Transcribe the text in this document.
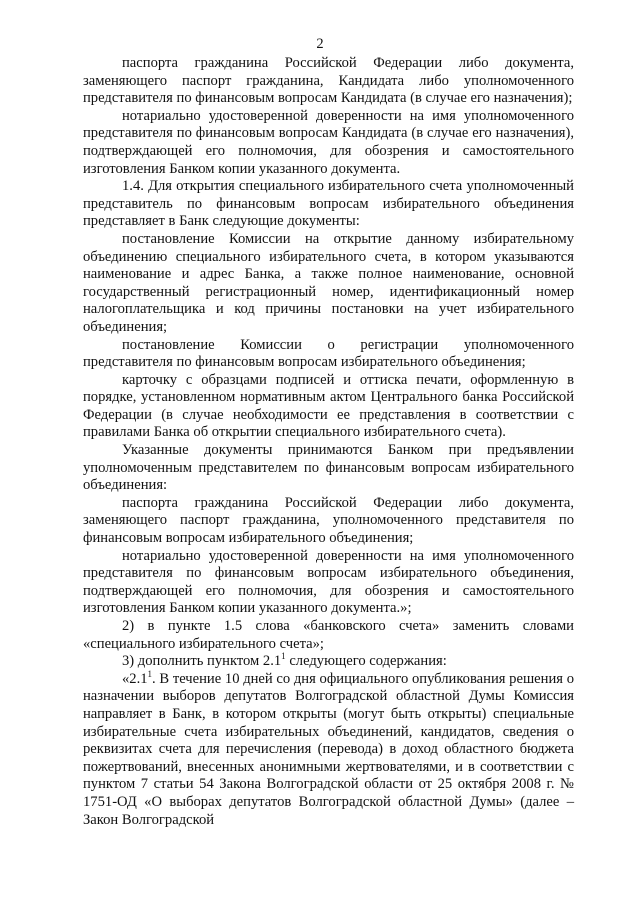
2

паспорта гражданина Российской Федерации либо документа, заменяющего паспорт гражданина, Кандидата либо уполномоченного представителя по финансовым вопросам Кандидата (в случае его назначения);

нотариально удостоверенной доверенности на имя уполномоченного представителя по финансовым вопросам Кандидата (в случае его назначения), подтверждающей его полномочия, для обозрения и самостоятельного изготовления Банком копии указанного документа.

1.4. Для открытия специального избирательного счета уполномоченный представитель по финансовым вопросам избирательного объединения представляет в Банк следующие документы:

постановление Комиссии на открытие данному избирательному объединению специального избирательного счета, в котором указываются наименование и адрес Банка, а также полное наименование, основной государственный регистрационный номер, идентификационный номер налогоплательщика и код причины постановки на учет избирательного объединения;

постановление Комиссии о регистрации уполномоченного представителя по финансовым вопросам избирательного объединения;

карточку с образцами подписей и оттиска печати, оформленную в порядке, установленном нормативным актом Центрального банка Российской Федерации (в случае необходимости ее представления в соответствии с правилами Банка об открытии специального избирательного счета).

Указанные документы принимаются Банком при предъявлении уполномоченным представителем по финансовым вопросам избирательного объединения:

паспорта гражданина Российской Федерации либо документа, заменяющего паспорт гражданина, уполномоченного представителя по финансовым вопросам избирательного объединения;

нотариально удостоверенной доверенности на имя уполномоченного представителя по финансовым вопросам избирательного объединения, подтверждающей его полномочия, для обозрения и самостоятельного изготовления Банком копии указанного документа.»;

2) в пункте 1.5 слова «банковского счета» заменить словами «специального избирательного счета»;

3) дополнить пунктом $2.1^1$ следующего содержания:

«$2.1^1$. В течение 10 дней со дня официального опубликования решения о назначении выборов депутатов Волгоградской областной Думы Комиссия направляет в Банк, в котором открыты (могут быть открыты) специальные избирательные счета избирательных объединений, кандидатов, сведения о реквизитах счета для перечисления (перевода) в доход областного бюджета пожертвований, внесенных анонимными жертвователями, и в соответствии с пунктом 7 статьи 54 Закона Волгоградской области от 25 октября 2008 г. № 1751-ОД «О выборах депутатов Волгоградской областной Думы» (далее – Закон Волгоградской
